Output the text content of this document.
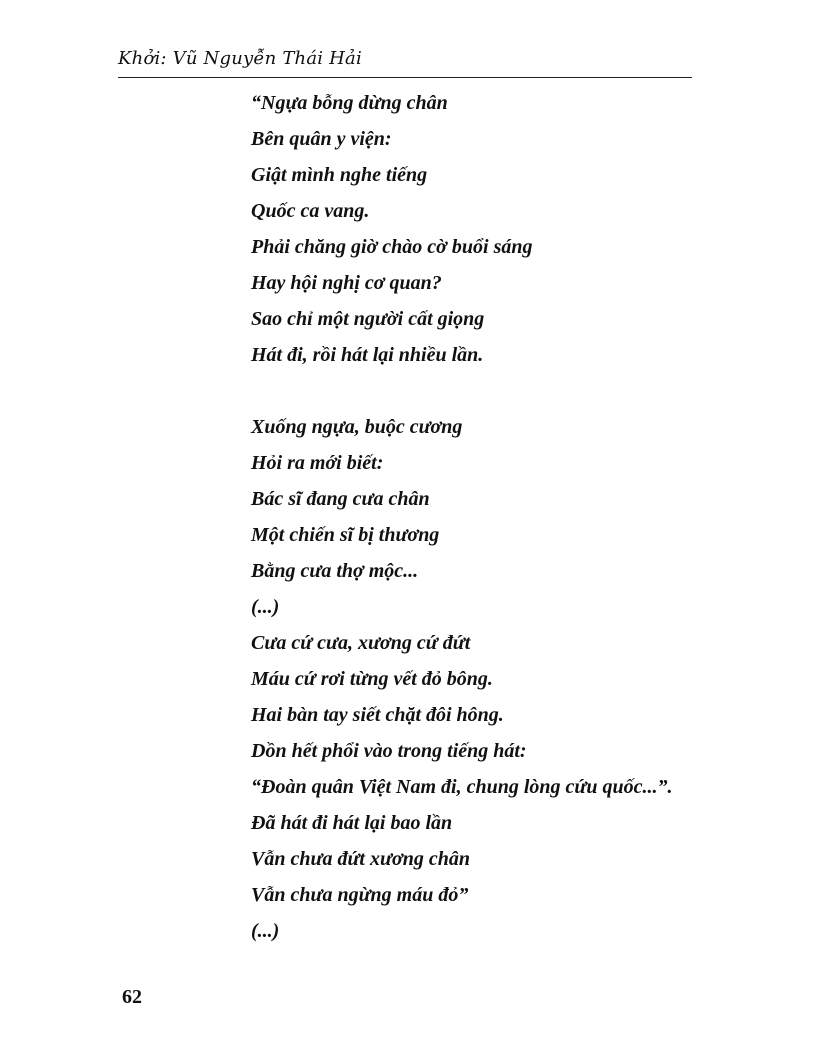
Khởi: Vũ Nguyễn Thái Hải
“Ngựa bỗng dừng chân
Bên quân y viện:
Giật mình nghe tiếng
Quốc ca vang.
Phải chăng giờ chào cờ buổi sáng
Hay hội nghị cơ quan?
Sao chỉ một người cất giọng
Hát đi, rồi hát lại nhiều lần.
Xuống ngựa, buộc cương
Hỏi ra mới biết:
Bác sĩ đang cưa chân
Một chiến sĩ bị thương
Bằng cưa thợ mộc...
(...)
Cưa cứ cưa, xương cứ đứt
Máu cứ rơi từng vết đỏ bông.
Hai bàn tay siết chặt đôi hông.
Dồn hết phổi vào trong tiếng hát:
“Đoàn quân Việt Nam đi, chung lòng cứu quốc...”.
Đã hát đi hát lại bao lần
Vẫn chưa đứt xương chân
Vẫn chưa ngừng máu đỏ”
(...)
62
